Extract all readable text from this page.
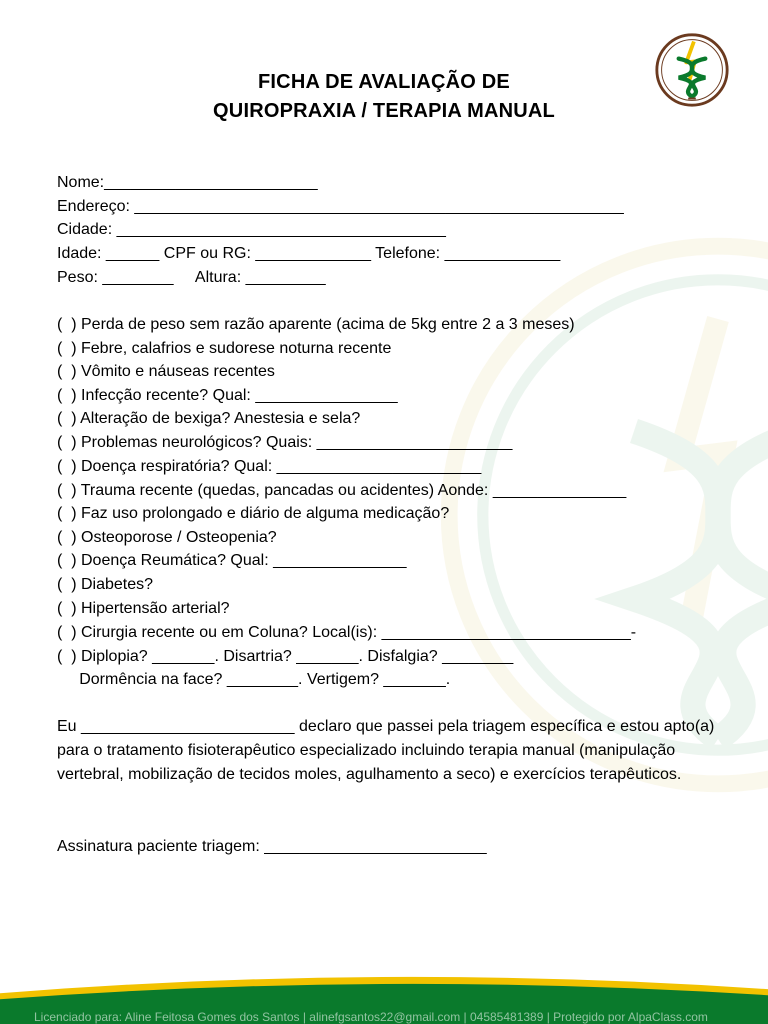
FICHA DE AVALIAÇÃO DE
QUIROPRAXIA / TERAPIA MANUAL
Nome:________________________
Endereço: _______________________________________________________
Cidade: _____________________________________
Idade: ______ CPF ou RG: _____________ Telefone: _____________
Peso: ________     Altura: _________
(  ) Perda de peso sem razão aparente (acima de 5kg entre 2 a 3 meses)
(  ) Febre, calafrios e sudorese noturna recente
(  ) Vômito e náuseas recentes
(  ) Infecção recente? Qual: ________________
(  ) Alteração de bexiga? Anestesia e sela?
(  ) Problemas neurológicos? Quais: ______________________
(  ) Doença respiratória? Qual: _______________________
(  ) Trauma recente (quedas, pancadas ou acidentes) Aonde: _______________
(  ) Faz uso prolongado e diário de alguma medicação?
(  ) Osteoporose / Osteopenia?
(  ) Doença Reumática? Qual: _______________
(  ) Diabetes?
(  ) Hipertensão arterial?
(  ) Cirurgia recente ou em Coluna? Local(is): ____________________________-
(  ) Diplopia? _______. Disartria? _______. Disfalgia? ________
Dormência na face? ________. Vertigem? _______.
Eu ________________________ declaro que passei pela triagem específica e estou apto(a) para o tratamento fisioterapêutico especializado incluindo terapia manual (manipulação vertebral, mobilização de tecidos moles, agulhamento a seco) e exercícios terapêuticos.
Assinatura paciente triagem: _________________________
Licenciado para: Aline Feitosa Gomes dos Santos | alinefgsantos22@gmail.com | 04585481389 | Protegido por AlpaClass.com
